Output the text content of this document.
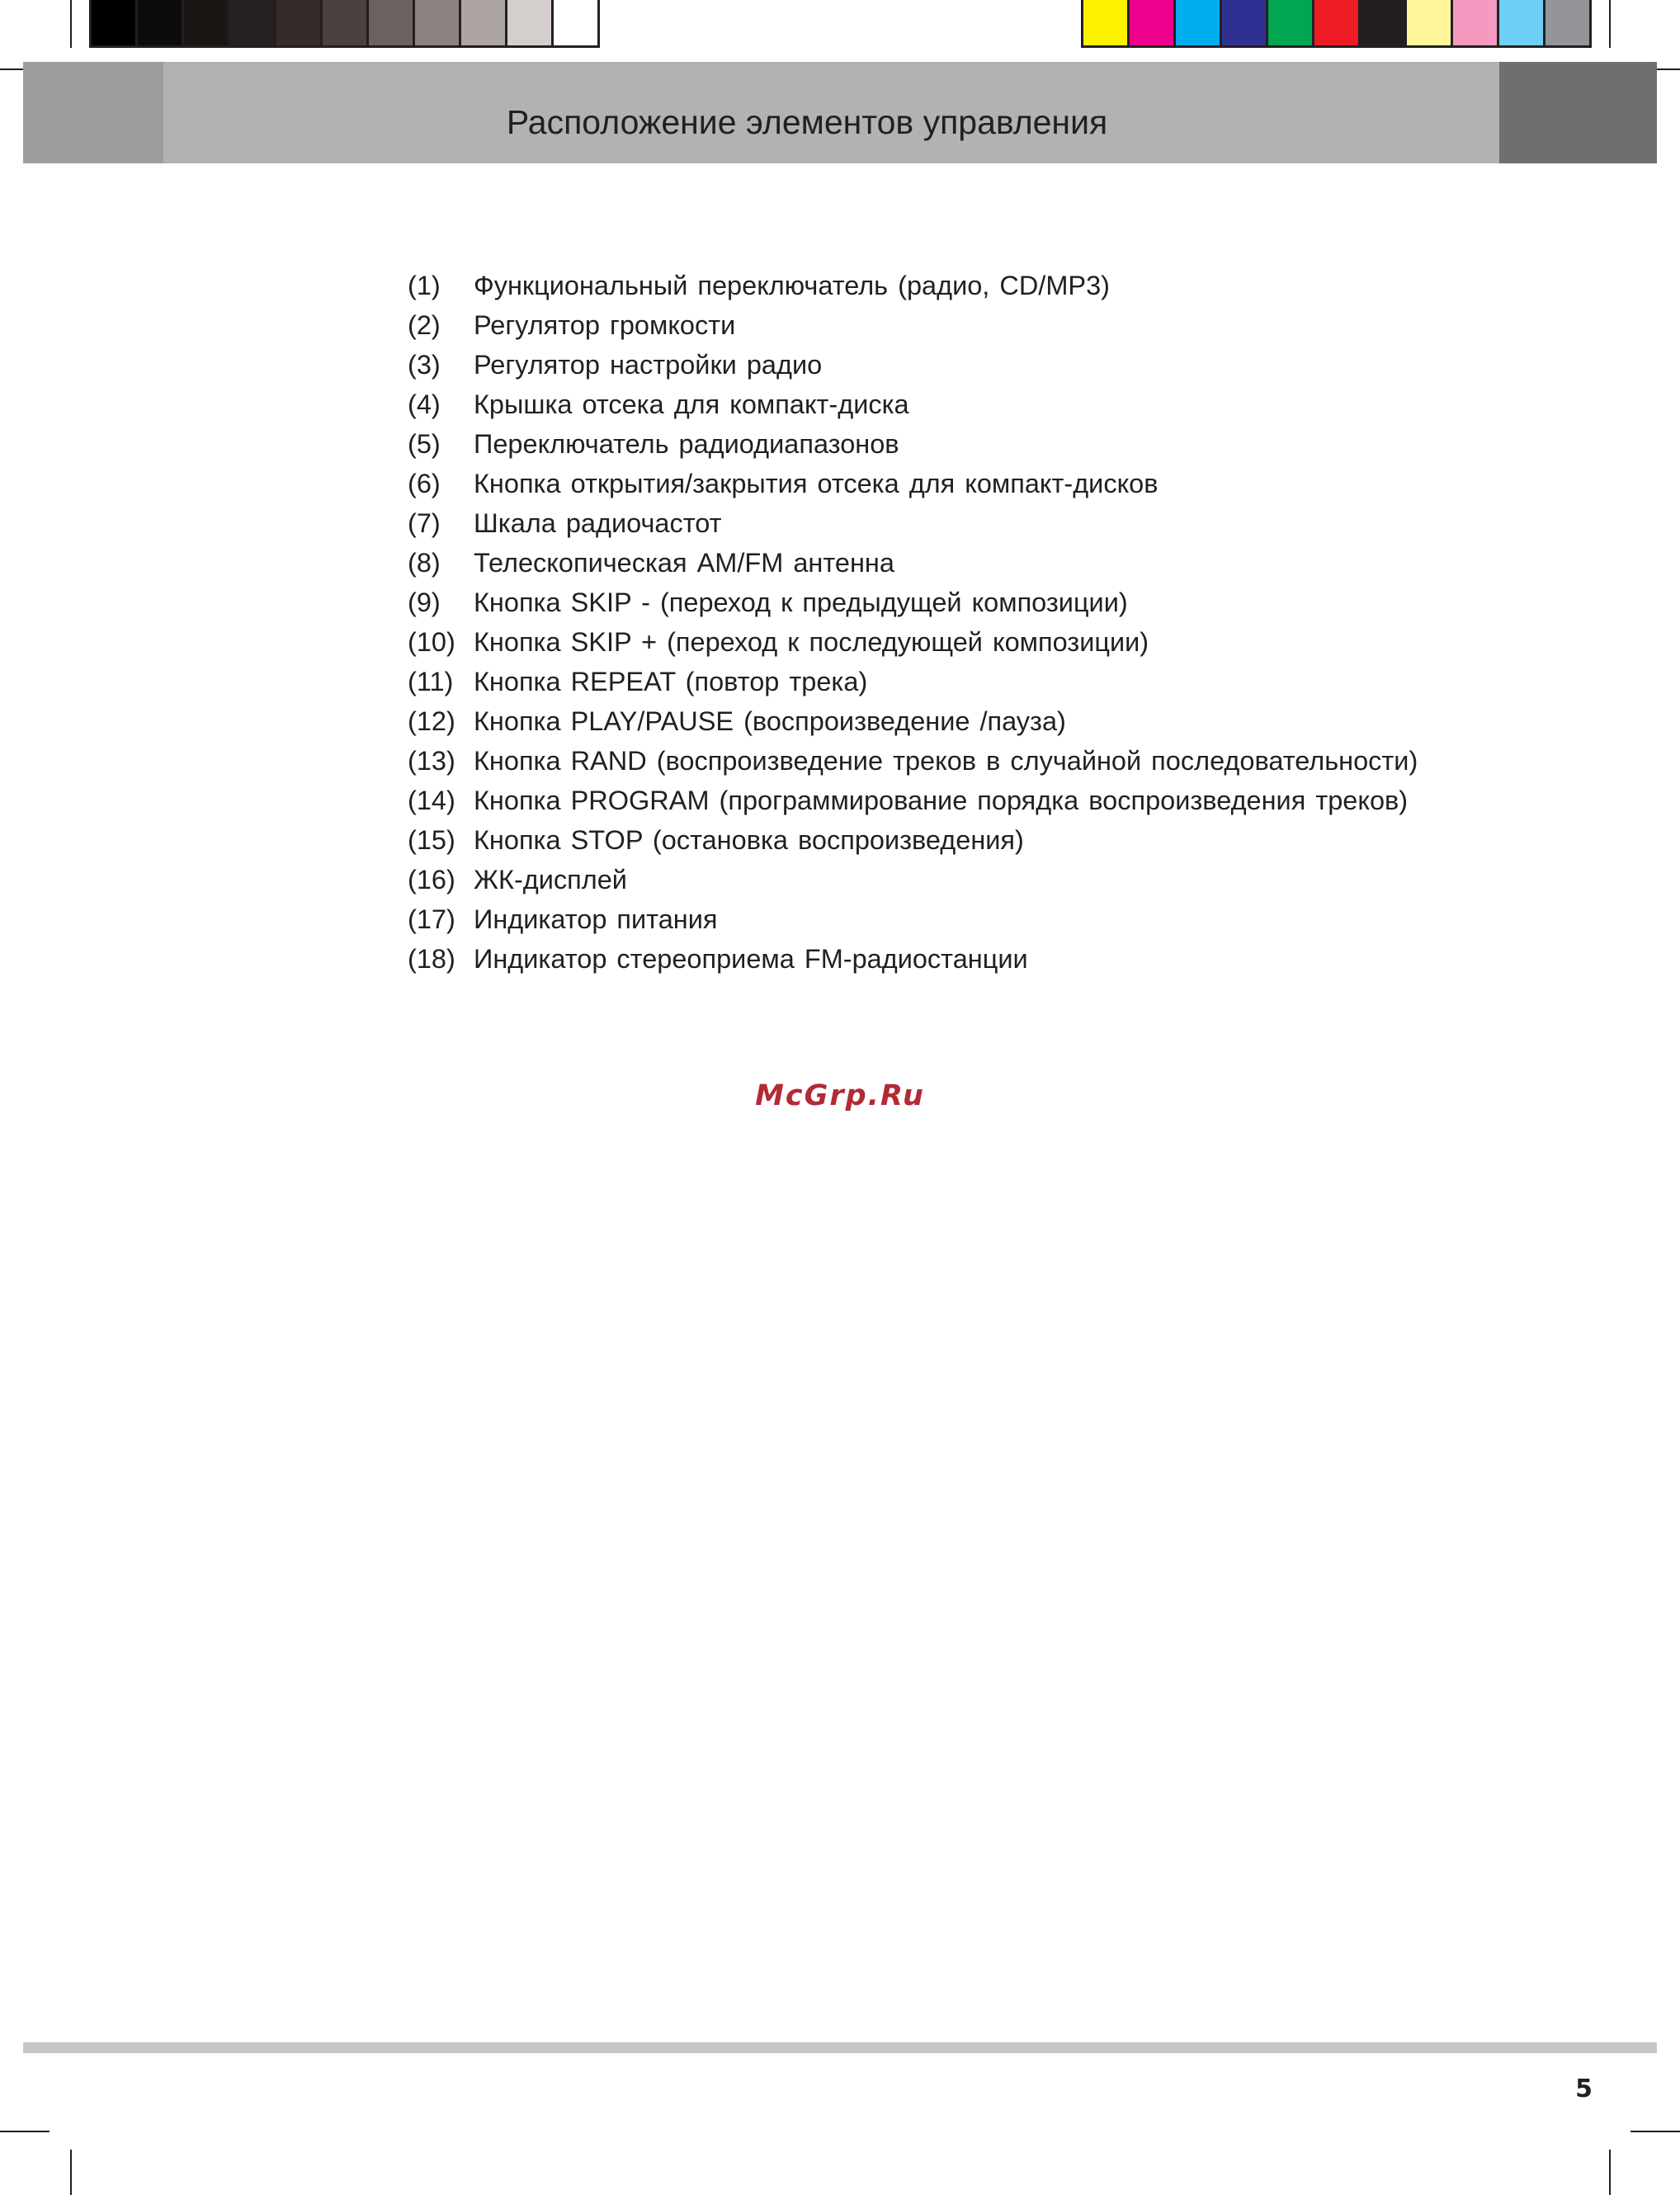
Расположение элементов управления
(1)	Функциональный переключатель (радио, CD/MP3)
(2)	Регулятор громкости
(3)	Регулятор настройки радио
(4)	Крышка отсека для компакт-диска
(5)	Переключатель радиодиапазонов
(6)	Кнопка открытия/закрытия отсека для компакт-дисков
(7)	Шкала радиочастот
(8)	Телескопическая AM/FM антенна
(9)	Кнопка SKIP - (переход к предыдущей композиции)
(10) Кнопка SKIP + (переход к последующей композиции)
(11) Кнопка REPEAT (повтор трека)
(12) Кнопка PLAY/PAUSE (воспроизведение /пауза)
(13) Кнопка RAND (воспроизведение треков в случайной последовательности)
(14) Кнопка PROGRAM (программирование порядка воспроизведения треков)
(15) Кнопка STOP (остановка воспроизведения)
(16) ЖК-дисплей
(17) Индикатор питания
(18) Индикатор стереоприема FM-радиостанции
McGrp.Ru
5
